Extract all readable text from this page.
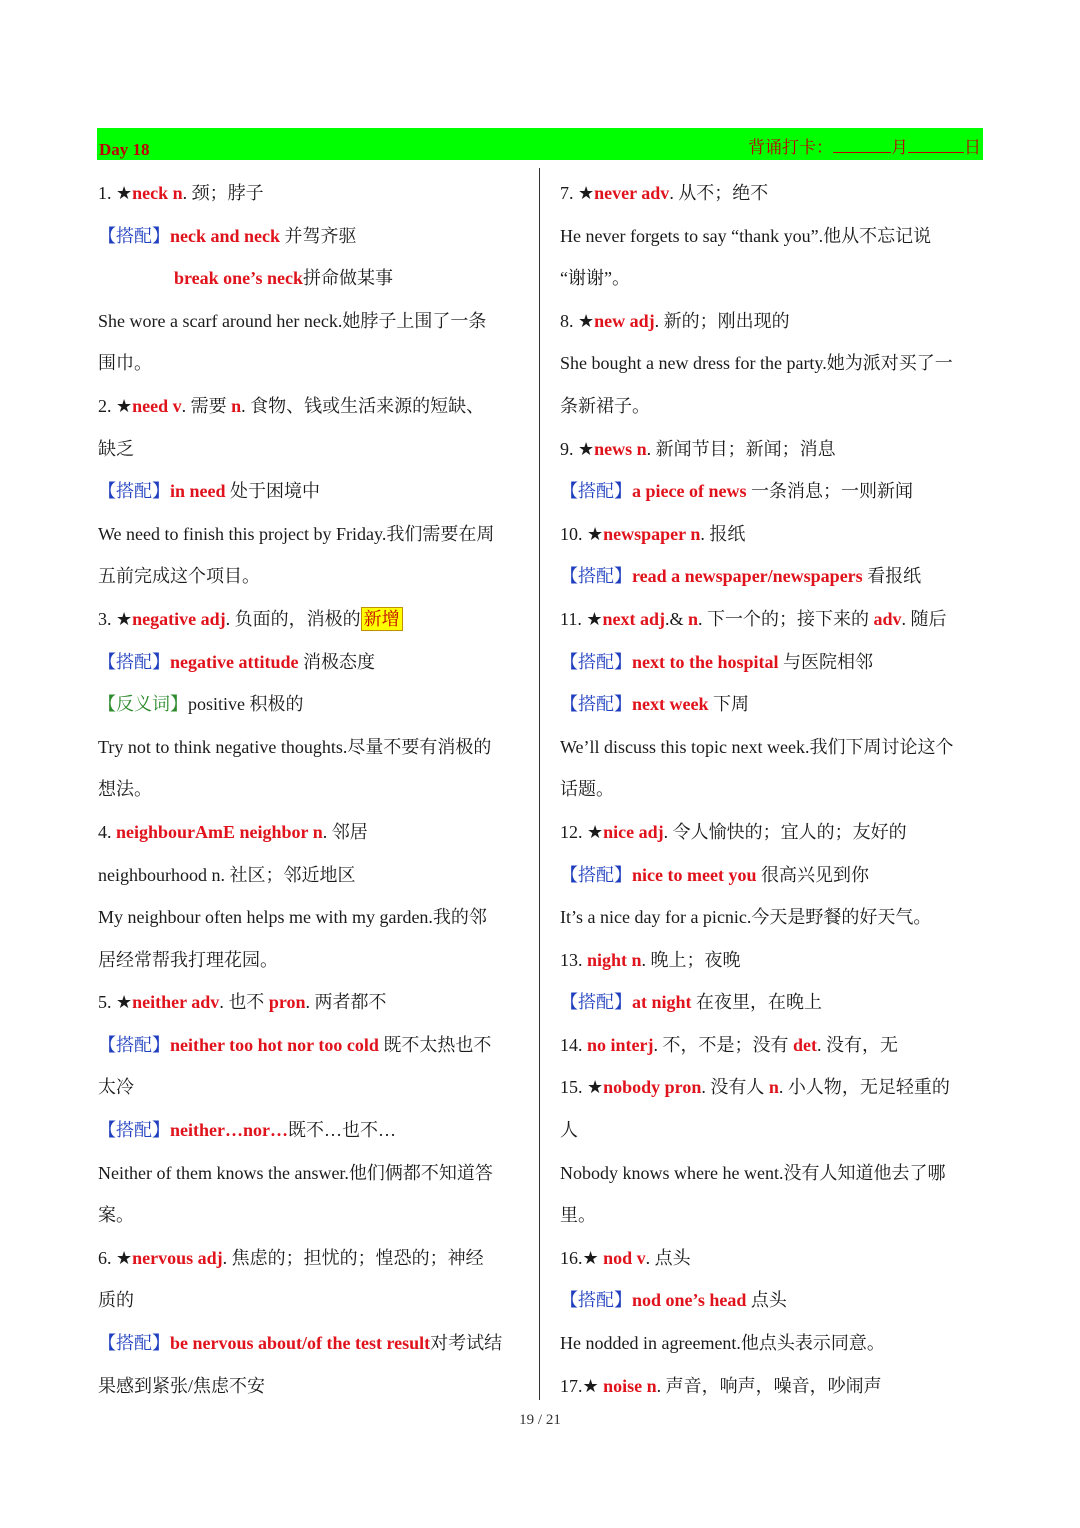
Day 18	背诵打卡：	月	日
1. ★neck n. 颈；脖子
【搭配】neck and neck 并驾齐驱
break one’s neck拼命做某事
She wore a scarf around her neck.她脖子上围了一条
围巾。
2. ★need v. 需要 n. 食物、钱或生活来源的短缺、
缺乏
【搭配】in need 处于困境中
We need to finish this project by Friday.我们需要在周
五前完成这个项目。
3. ★negative adj. 负面的，消极的 新增
【搭配】negative attitude 消极态度
【反义词】positive 积极的
Try not to think negative thoughts.尽量不要有消极的
想法。
4. neighbourAmE neighbor n. 邻居
neighbourhood n. 社区；邻近地区
My neighbour often helps me with my garden.我的邻
居经常帮我打理花园。
5. ★neither adv. 也不 pron. 两者都不
【搭配】neither too hot nor too cold 既不太热也不
太冷
【搭配】neither…nor…既不…也不…
Neither of them knows the answer.他们俩都不知道答
案。
6. ★nervous adj. 焦虑的；担忧的；惶恐的；神经
质的
【搭配】be nervous about/of the test result对考试结
果感到紧张/焦虑不安
7. ★never adv. 从不；绝不
He never forgets to say “thank you”.他从不忘记说
“谢谢”。
8. ★new adj. 新的；刚出现的
She bought a new dress for the party.她为派对买了一
条新裙子。
9. ★news n. 新闻节目；新闻；消息
【搭配】a piece of news 一条消息；一则新闻
10. ★newspaper n. 报纸
【搭配】read a newspaper/newspapers 看报纸
11. ★next adj.& n. 下一个的；接下来的 adv. 随后
【搭配】next to the hospital 与医院相邻
【搭配】next week 下周
We’ll discuss this topic next week.我们下周讨论这个
话题。
12. ★nice adj. 令人愉快的；宜人的；友好的
【搭配】nice to meet you 很高兴见到你
It’s a nice day for a picnic.今天是野餐的好天气。
13. night n. 晚上；夜晚
【搭配】at night 在夜里，在晚上
14. no interj. 不，不是；没有 det. 没有，无
15. ★nobody pron. 没有人 n. 小人物，无足轻重的
人
Nobody knows where he went.没有人知道他去了哪
里。
16.★ nod v. 点头
【搭配】nod one’s head 点头
He nodded in agreement.他点头表示同意。
17.★ noise n. 声音，响声，噪音，吵闹声
19 / 21
